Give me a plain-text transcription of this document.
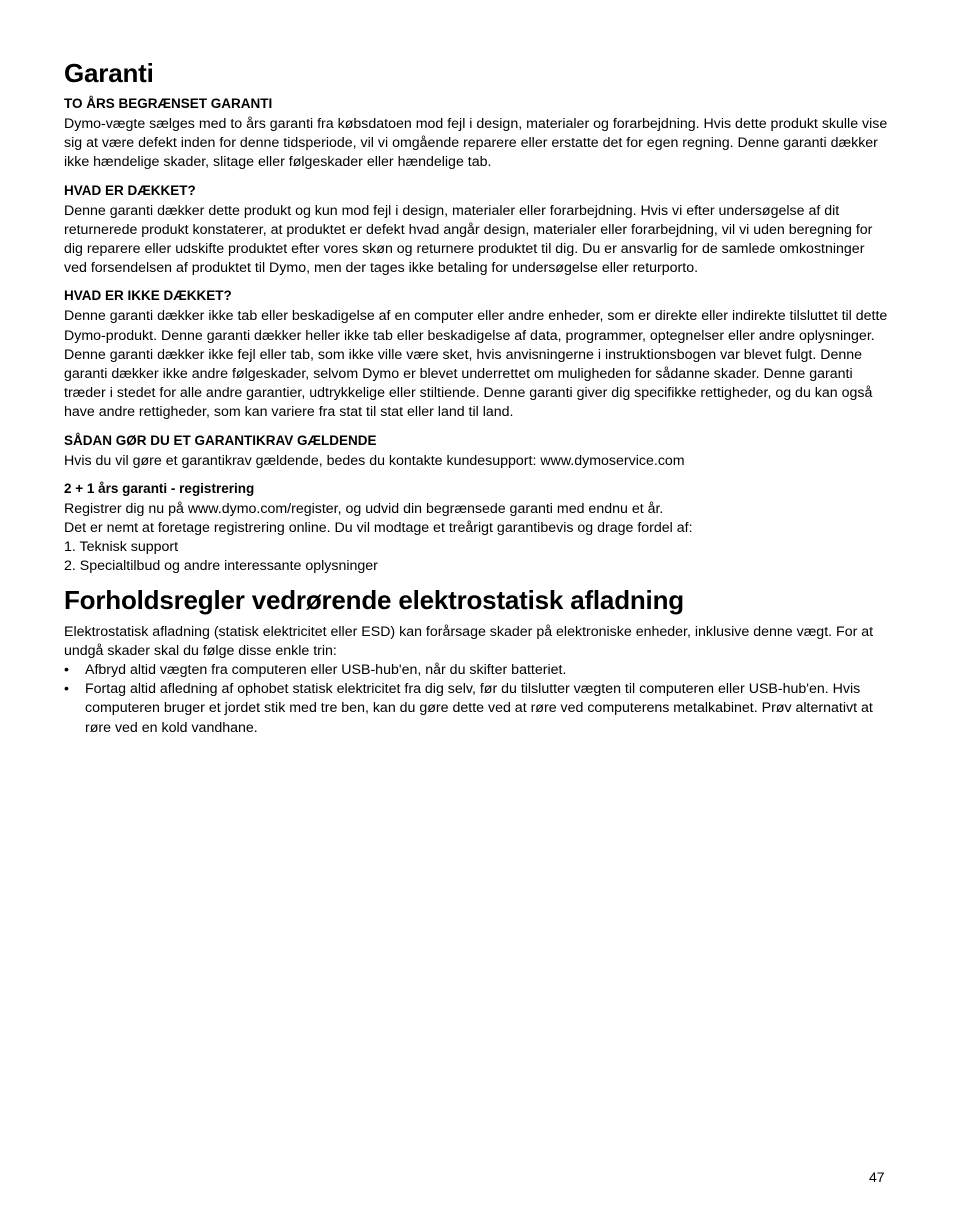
Garanti
TO ÅRS BEGRÆNSET GARANTI

Dymo-vægte sælges med to års garanti fra købsdatoen mod fejl i design, materialer og forarbejdning. Hvis dette produkt skulle vise sig at være defekt inden for denne tidsperiode, vil vi omgående reparere eller erstatte det for egen regning. Denne garanti dækker ikke hændelige skader, slitage eller følgeskader eller hændelige tab.

HVAD ER DÆKKET?

Denne garanti dækker dette produkt og kun mod fejl i design, materialer eller forarbejdning. Hvis vi efter undersøgelse af dit returnerede produkt konstaterer, at produktet er defekt hvad angår design, materialer eller forarbejdning, vil vi uden beregning for dig reparere eller udskifte produktet efter vores skøn og returnere produktet til dig. Du er ansvarlig for de samlede omkostninger ved forsendelsen af produktet til Dymo, men der tages ikke betaling for undersøgelse eller returporto.

HVAD ER IKKE DÆKKET?

Denne garanti dækker ikke tab eller beskadigelse af en computer eller andre enheder, som er direkte eller indirekte tilsluttet til dette Dymo-produkt. Denne garanti dækker heller ikke tab eller beskadigelse af data, programmer, optegnelser eller andre oplysninger. Denne garanti dækker ikke fejl eller tab, som ikke ville være sket, hvis anvisningerne i instruktionsbogen var blevet fulgt. Denne garanti dækker ikke andre følgeskader, selvom Dymo er blevet underrettet om muligheden for sådanne skader. Denne garanti træder i stedet for alle andre garantier, udtrykkelige eller stiltiende. Denne garanti giver dig specifikke rettigheder, og du kan også have andre rettigheder, som kan variere fra stat til stat eller land til land.

SÅDAN GØR DU ET GARANTIKRAV GÆLDENDE

Hvis du vil gøre et garantikrav gældende, bedes du kontakte kundesupport: www.dymoservice.com

2 + 1 års garanti - registrering

Registrer dig nu på www.dymo.com/register, og udvid din begrænsede garanti med endnu et år.

Det er nemt at foretage registrering online. Du vil modtage et treårigt garantibevis og drage fordel af:

1. Teknisk support

2. Specialtilbud og andre interessante oplysninger

Forholdsregler vedrørende elektrostatisk afladning

Elektrostatisk afladning (statisk elektricitet eller ESD) kan forårsage skader på elektroniske enheder, inklusive denne vægt. For at undgå skader skal du følge disse enkle trin:

• Afbryd altid vægten fra computeren eller USB-hub'en, når du skifter batteriet.
• Fortag altid afledning af ophobet statisk elektricitet fra dig selv, før du tilslutter vægten til computeren eller USB-hub'en. Hvis computeren bruger et jordet stik med tre ben, kan du gøre dette ved at røre ved computerens metalkabinet. Prøv alternativt at røre ved en kold vandhane.
47
